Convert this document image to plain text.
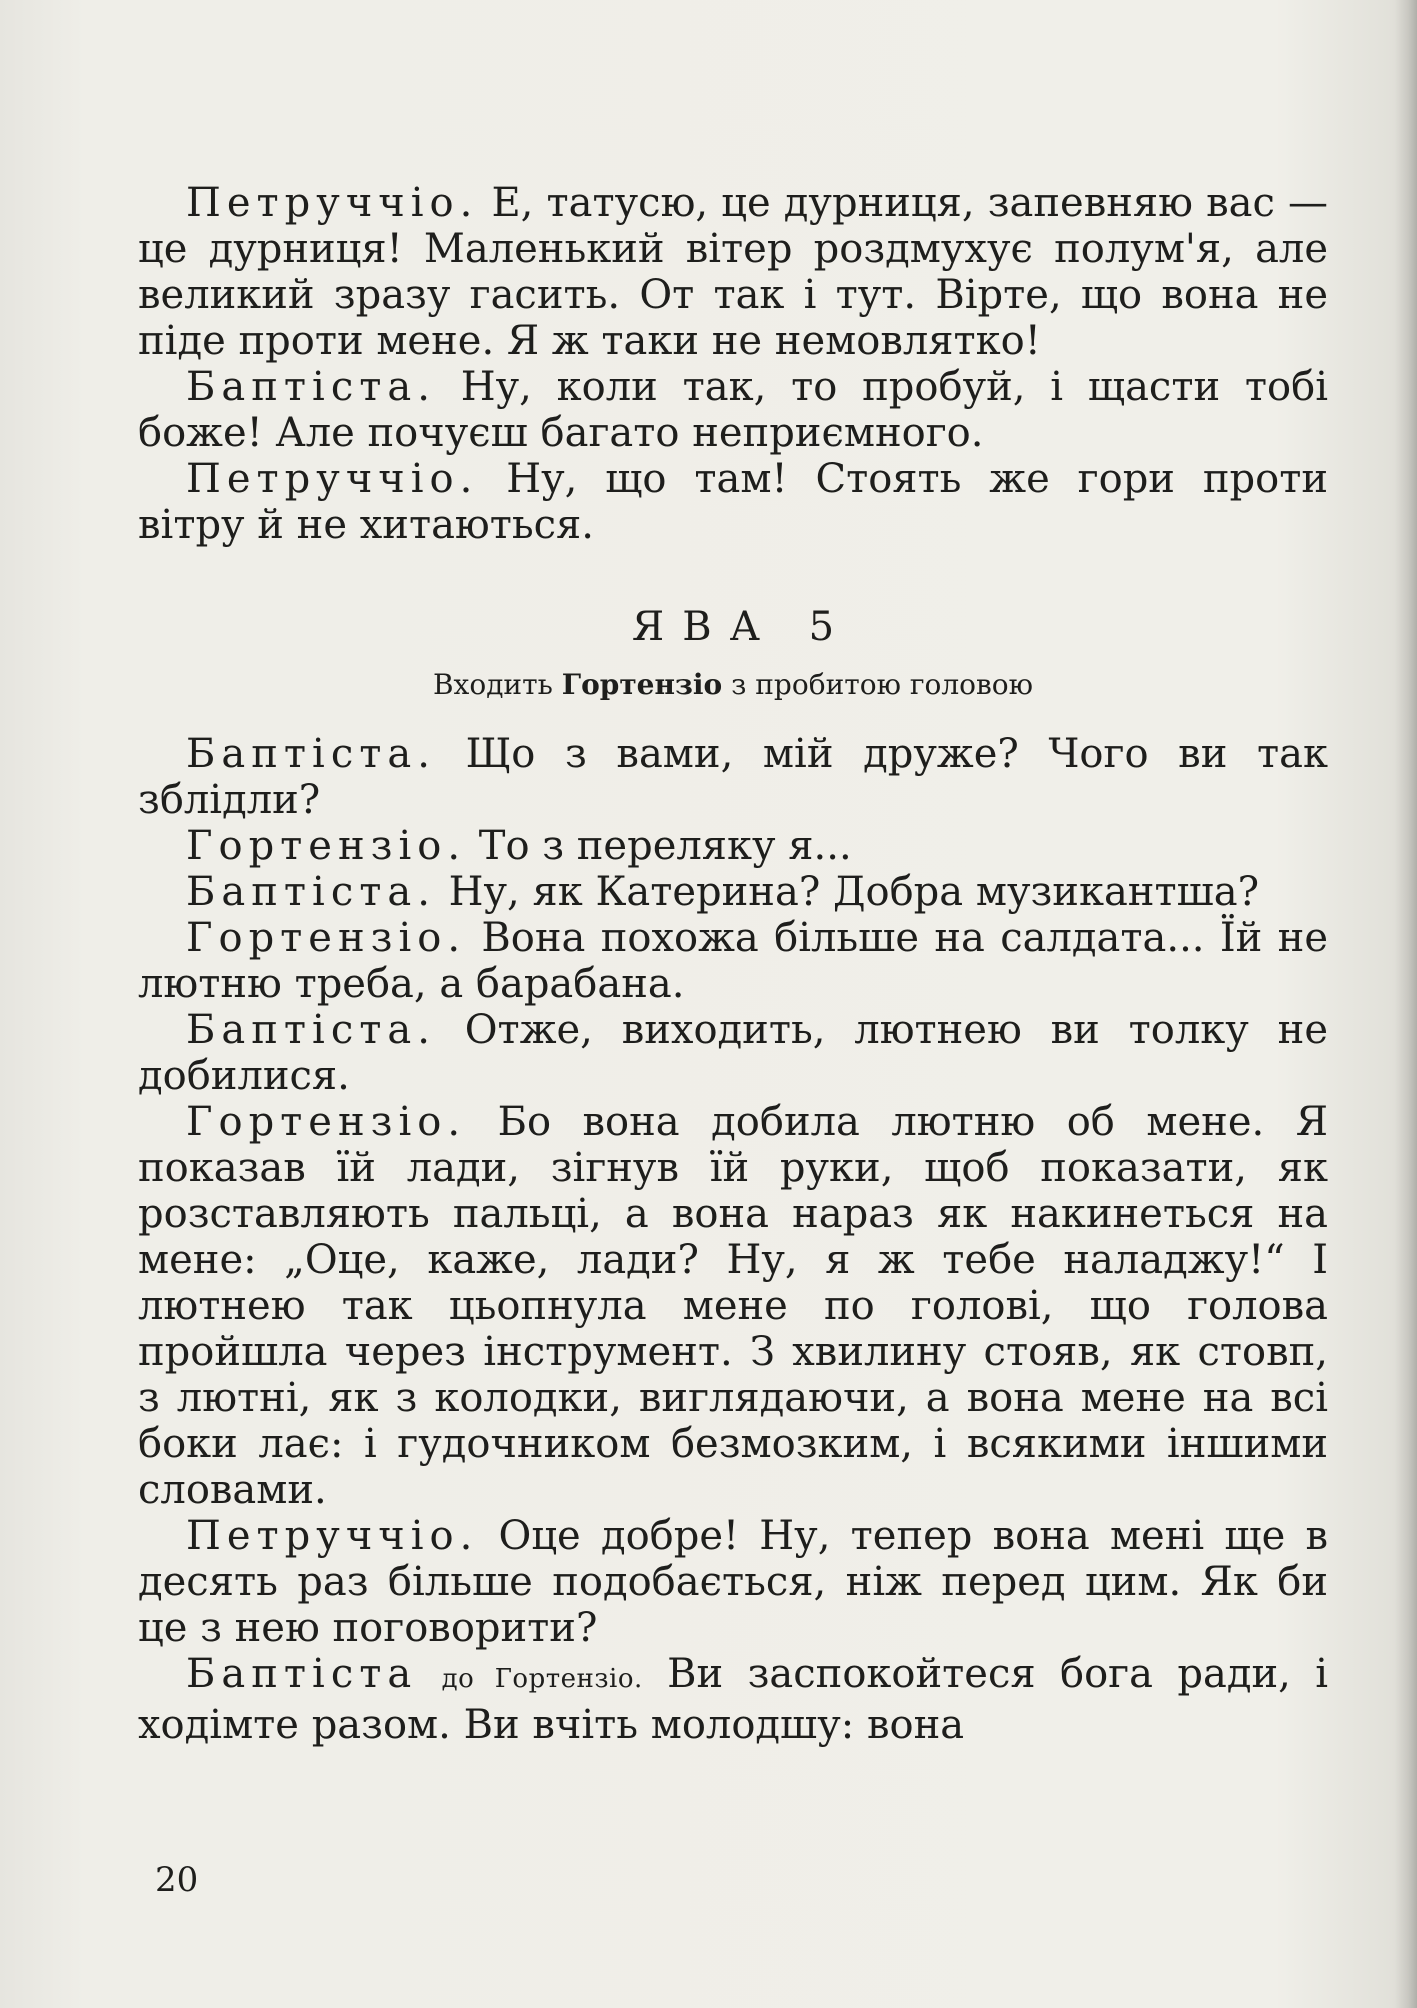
Петруччіо. Е, татусю, це дурниця, запевняю вас — це дурниця! Маленький вітер роздмухує полум'я, але великий зразу гасить. От так і тут. Вірте, що вона не піде проти мене. Я ж таки не немовлятко!

Баптіста. Ну, коли так, то пробуй, і щасти тобі боже! Але почуєш багато неприємного.

Петруччіо. Ну, що там! Стоять же гори проти вітру й не хитаються.

ЯВА 5
Входить Гортензіо з пробитою головою

Баптіста. Що з вами, мій друже? Чого ви так зблідли?

Гортензіо. То з переляку я...

Баптіста. Ну, як Катерина? Добра музикантша?

Гортензіо. Вона похожа більше на салдата... Їй не лютню треба, а барабана.

Баптіста. Отже, виходить, лютнею ви толку не добилися.

Гортензіо. Бо вона добила лютню об мене. Я показав їй лади, зігнув їй руки, щоб показати, як розставляють пальці, а вона нараз як накинеться на мене: „Оце, каже, лади? Ну, я ж тебе наладжу!“ І лютнею так цьопнула мене по голові, що голова пройшла через інструмент. З хвилину стояв, як стовп, з лютні, як з колодки, виглядаючи, а вона мене на всі боки лає: і гудочником безмозким, і всякими іншими словами.

Петруччіо. Оце добре! Ну, тепер вона мені ще в десять раз більше подобається, ніж перед цим. Як би це з нею поговорити?

Баптіста до Гортензіо. Ви заспокойтеся бога ради, і ходімте разом. Ви вчіть молодшу: вона

20
